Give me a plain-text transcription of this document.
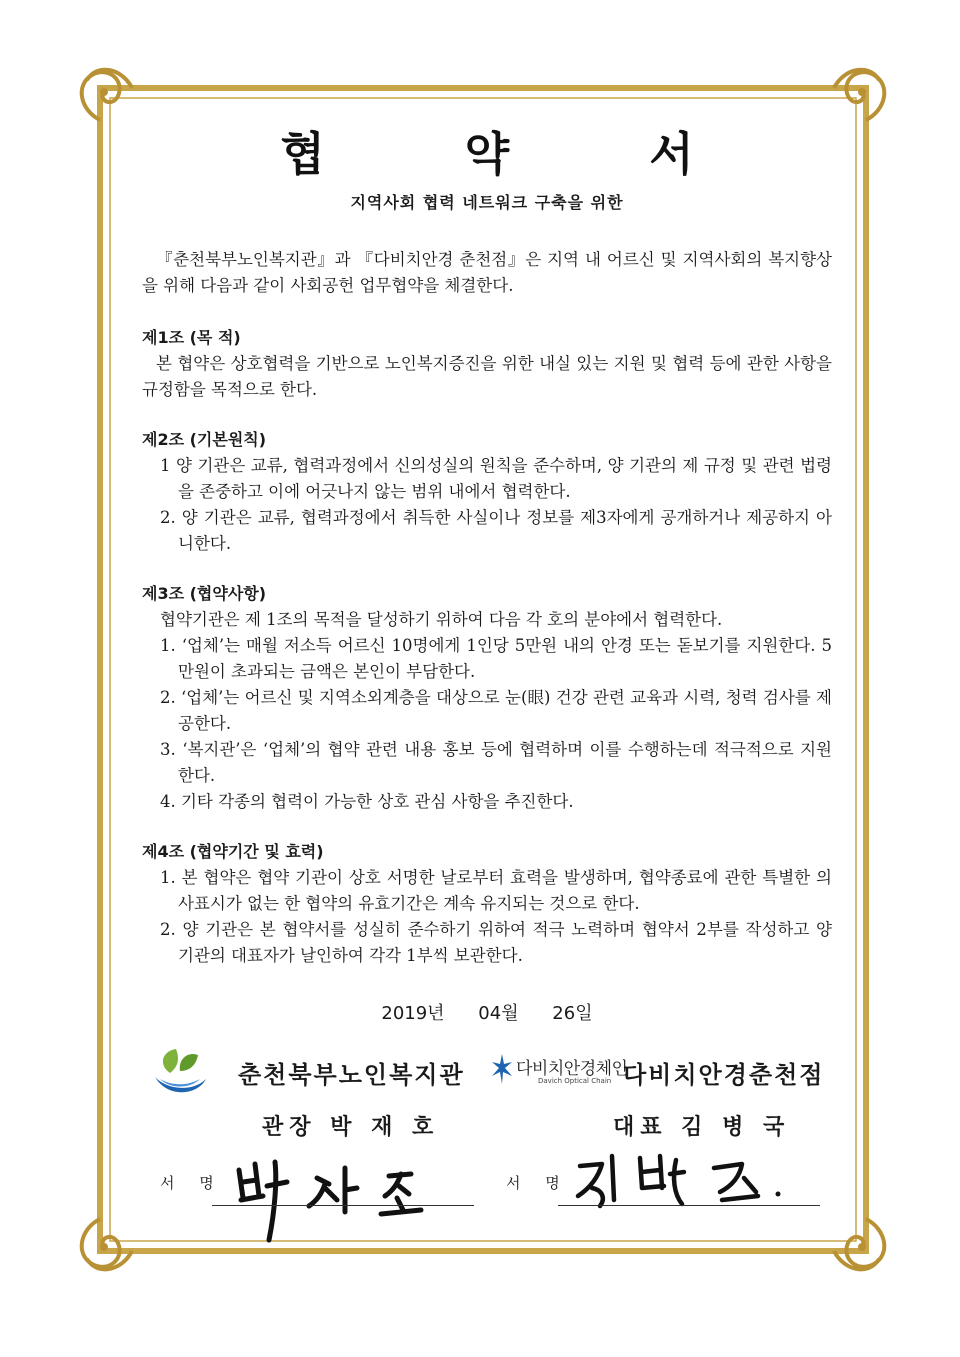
협 약 서
지역사회 협력 네트워크 구축을 위한
『춘천북부노인복지관』과 『다비치안경 춘천점』은 지역 내 어르신 및 지역사회의 복지향상을 위해 다음과 같이 사회공헌 업무협약을 체결한다.
제1조 (목 적)
본 협약은 상호협력을 기반으로 노인복지증진을 위한 내실 있는 지원 및 협력 등에 관한 사항을 규정함을 목적으로 한다.
제2조 (기본원칙)
1 양 기관은 교류, 협력과정에서 신의성실의 원칙을 준수하며, 양 기관의 제 규정 및 관련 법령을 존중하고 이에 어긋나지 않는 범위 내에서 협력한다.
2. 양 기관은 교류, 협력과정에서 취득한 사실이나 정보를 제3자에게 공개하거나 제공하지 아니한다.
제3조 (협약사항)
협약기관은 제 1조의 목적을 달성하기 위하여 다음 각 호의 분야에서 협력한다.
1. ‘업체’는 매월 저소득 어르신 10명에게 1인당 5만원 내의 안경 또는 돋보기를 지원한다. 5만원이 초과되는 금액은 본인이 부담한다.
2. ‘업체’는 어르신 및 지역소외계층을 대상으로 눈(眼) 건강 관련 교육과 시력, 청력 검사를 제공한다.
3. ‘복지관’은 ‘업체’의 협약 관련 내용 홍보 등에 협력하며 이를 수행하는데 적극적으로 지원한다.
4. 기타 각종의 협력이 가능한 상호 관심 사항을 추진한다.
제4조 (협약기간 및 효력)
1. 본 협약은 협약 기관이 상호 서명한 날로부터 효력을 발생하며, 협약종료에 관한 특별한 의사표시가 없는 한 협약의 유효기간은 계속 유지되는 것으로 한다.
2. 양 기관은 본 협약서를 성실히 준수하기 위하여 적극 노력하며 협약서 2부를 작성하고 양 기관의 대표자가 날인하여 각각 1부씩 보관한다.
2019년 04월 26일
춘천북부노인복지관
관장 박 재 호
서 명
다비치안경체인
Davich Optical Chain 다비치안경춘천점
대표 김 병 국
서 명
